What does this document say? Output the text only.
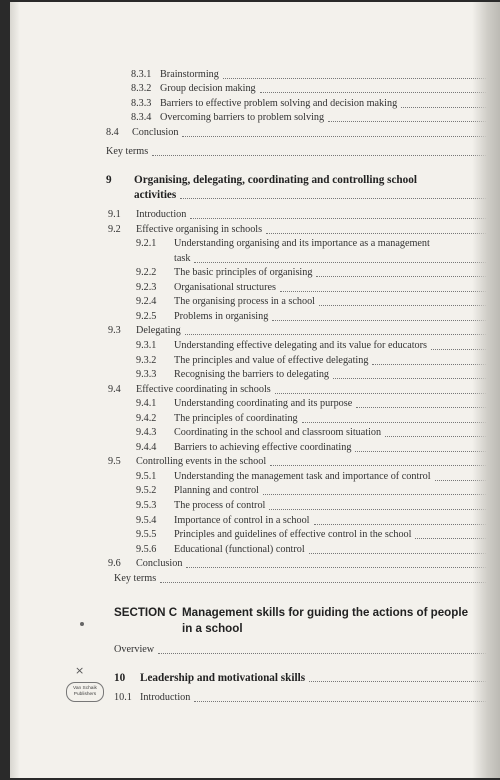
8.3.1 Brainstorming
8.3.2 Group decision making
8.3.3 Barriers to effective problem solving and decision making
8.3.4 Overcoming barriers to problem solving
8.4	Conclusion
Key terms
9 Organising, delegating, coordinating and controlling school
activities
9.1	Introduction
9.2	Effective organising in schools
9.2.1	Understanding organising and its importance as a management
task
9.2.2	The basic principles of organising
9.2.3	Organisational structures
9.2.4	The organising process in a school
9.2.5	Problems in organising
9.3	Delegating
9.3.1	Understanding effective delegating and its value for educators
9.3.2	The principles and value of effective delegating
9.3.3	Recognising the barriers to delegating
9.4	Effective coordinating in schools
9.4.1	Understanding coordinating and its purpose
9.4.2	The principles of coordinating
9.4.3	Coordinating in the school and classroom situation
9.4.4	Barriers to achieving effective coordinating
9.5	Controlling events in the school
9.5.1	Understanding the management task and importance of control
9.5.2	Planning and control
9.5.3	The process of control
9.5.4	Importance of control in a school
9.5.5	Principles and guidelines of effective control in the school
9.5.6	Educational (functional) control
9.6	Conclusion
Key terms
SECTION C Management skills for guiding the actions of people
in a school
Overview
10	Leadership and motivational skills
10.1 Introduction
×
Van Schaik
Publishers
